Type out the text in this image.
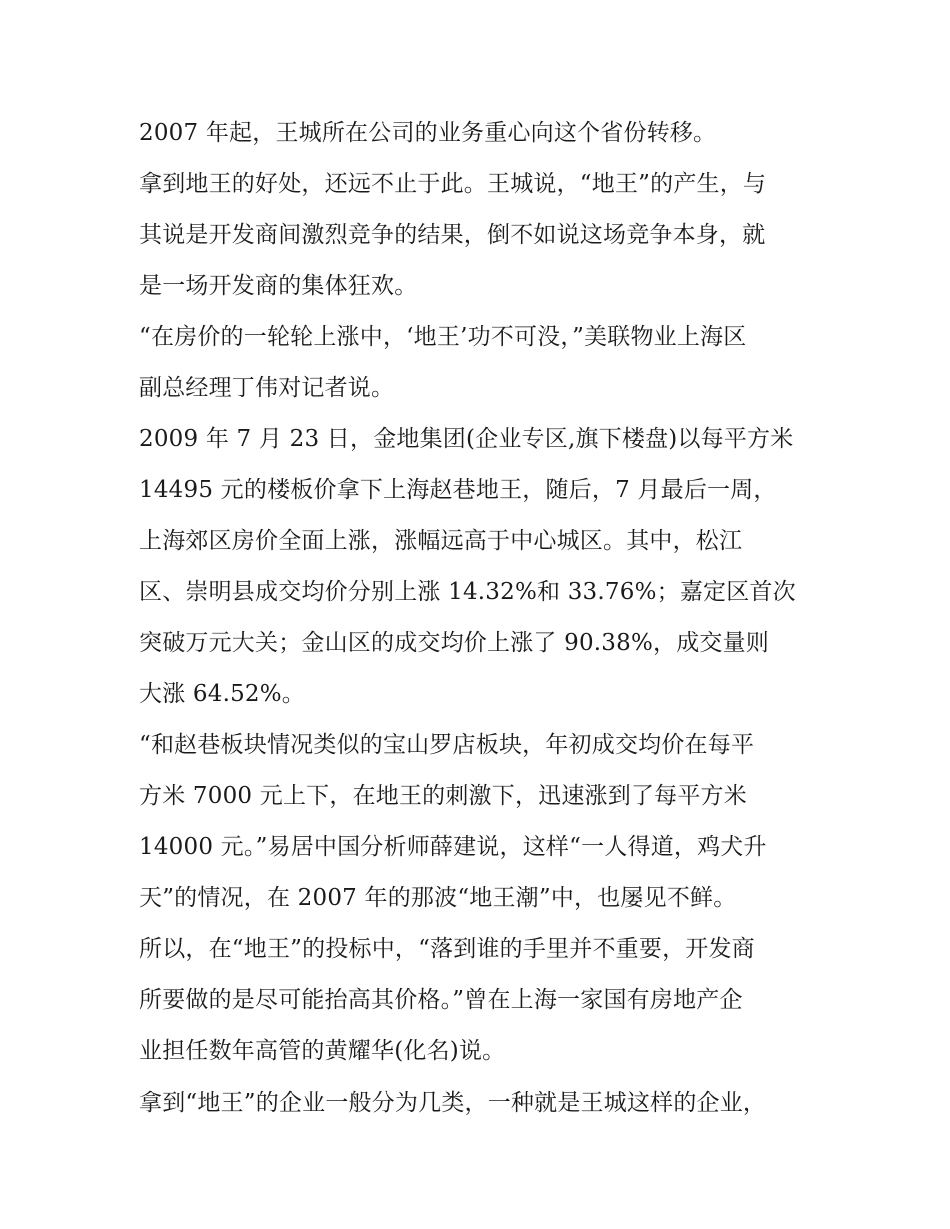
2007 年起，王城所在公司的业务重心向这个省份转移。
拿到地王的好处，还远不止于此。王城说，“地王”的产生，与
其说是开发商间激烈竞争的结果，倒不如说这场竞争本身，就
是一场开发商的集体狂欢。
“在房价的一轮轮上涨中，‘地王’功不可没，”美联物业上海区
副总经理丁伟对记者说。
2009 年 7 月 23 日，金地集团(企业专区,旗下楼盘)以每平方米
14495 元的楼板价拿下上海赵巷地王，随后，7 月最后一周，
上海郊区房价全面上涨，涨幅远高于中心城区。其中，松江
区、崇明县成交均价分别上涨 14.32%和 33.76%；嘉定区首次
突破万元大关；金山区的成交均价上涨了 90.38%，成交量则
大涨 64.52%。
“和赵巷板块情况类似的宝山罗店板块，年初成交均价在每平
方米 7000 元上下，在地王的刺激下，迅速涨到了每平方米
14000 元。”易居中国分析师薛建说，这样“一人得道，鸡犬升
天”的情况，在 2007 年的那波“地王潮”中，也屡见不鲜。
所以，在“地王”的投标中，“落到谁的手里并不重要，开发商
所要做的是尽可能抬高其价格。”曾在上海一家国有房地产企
业担任数年高管的黄耀华(化名)说。
拿到“地王”的企业一般分为几类，一种就是王城这样的企业，
